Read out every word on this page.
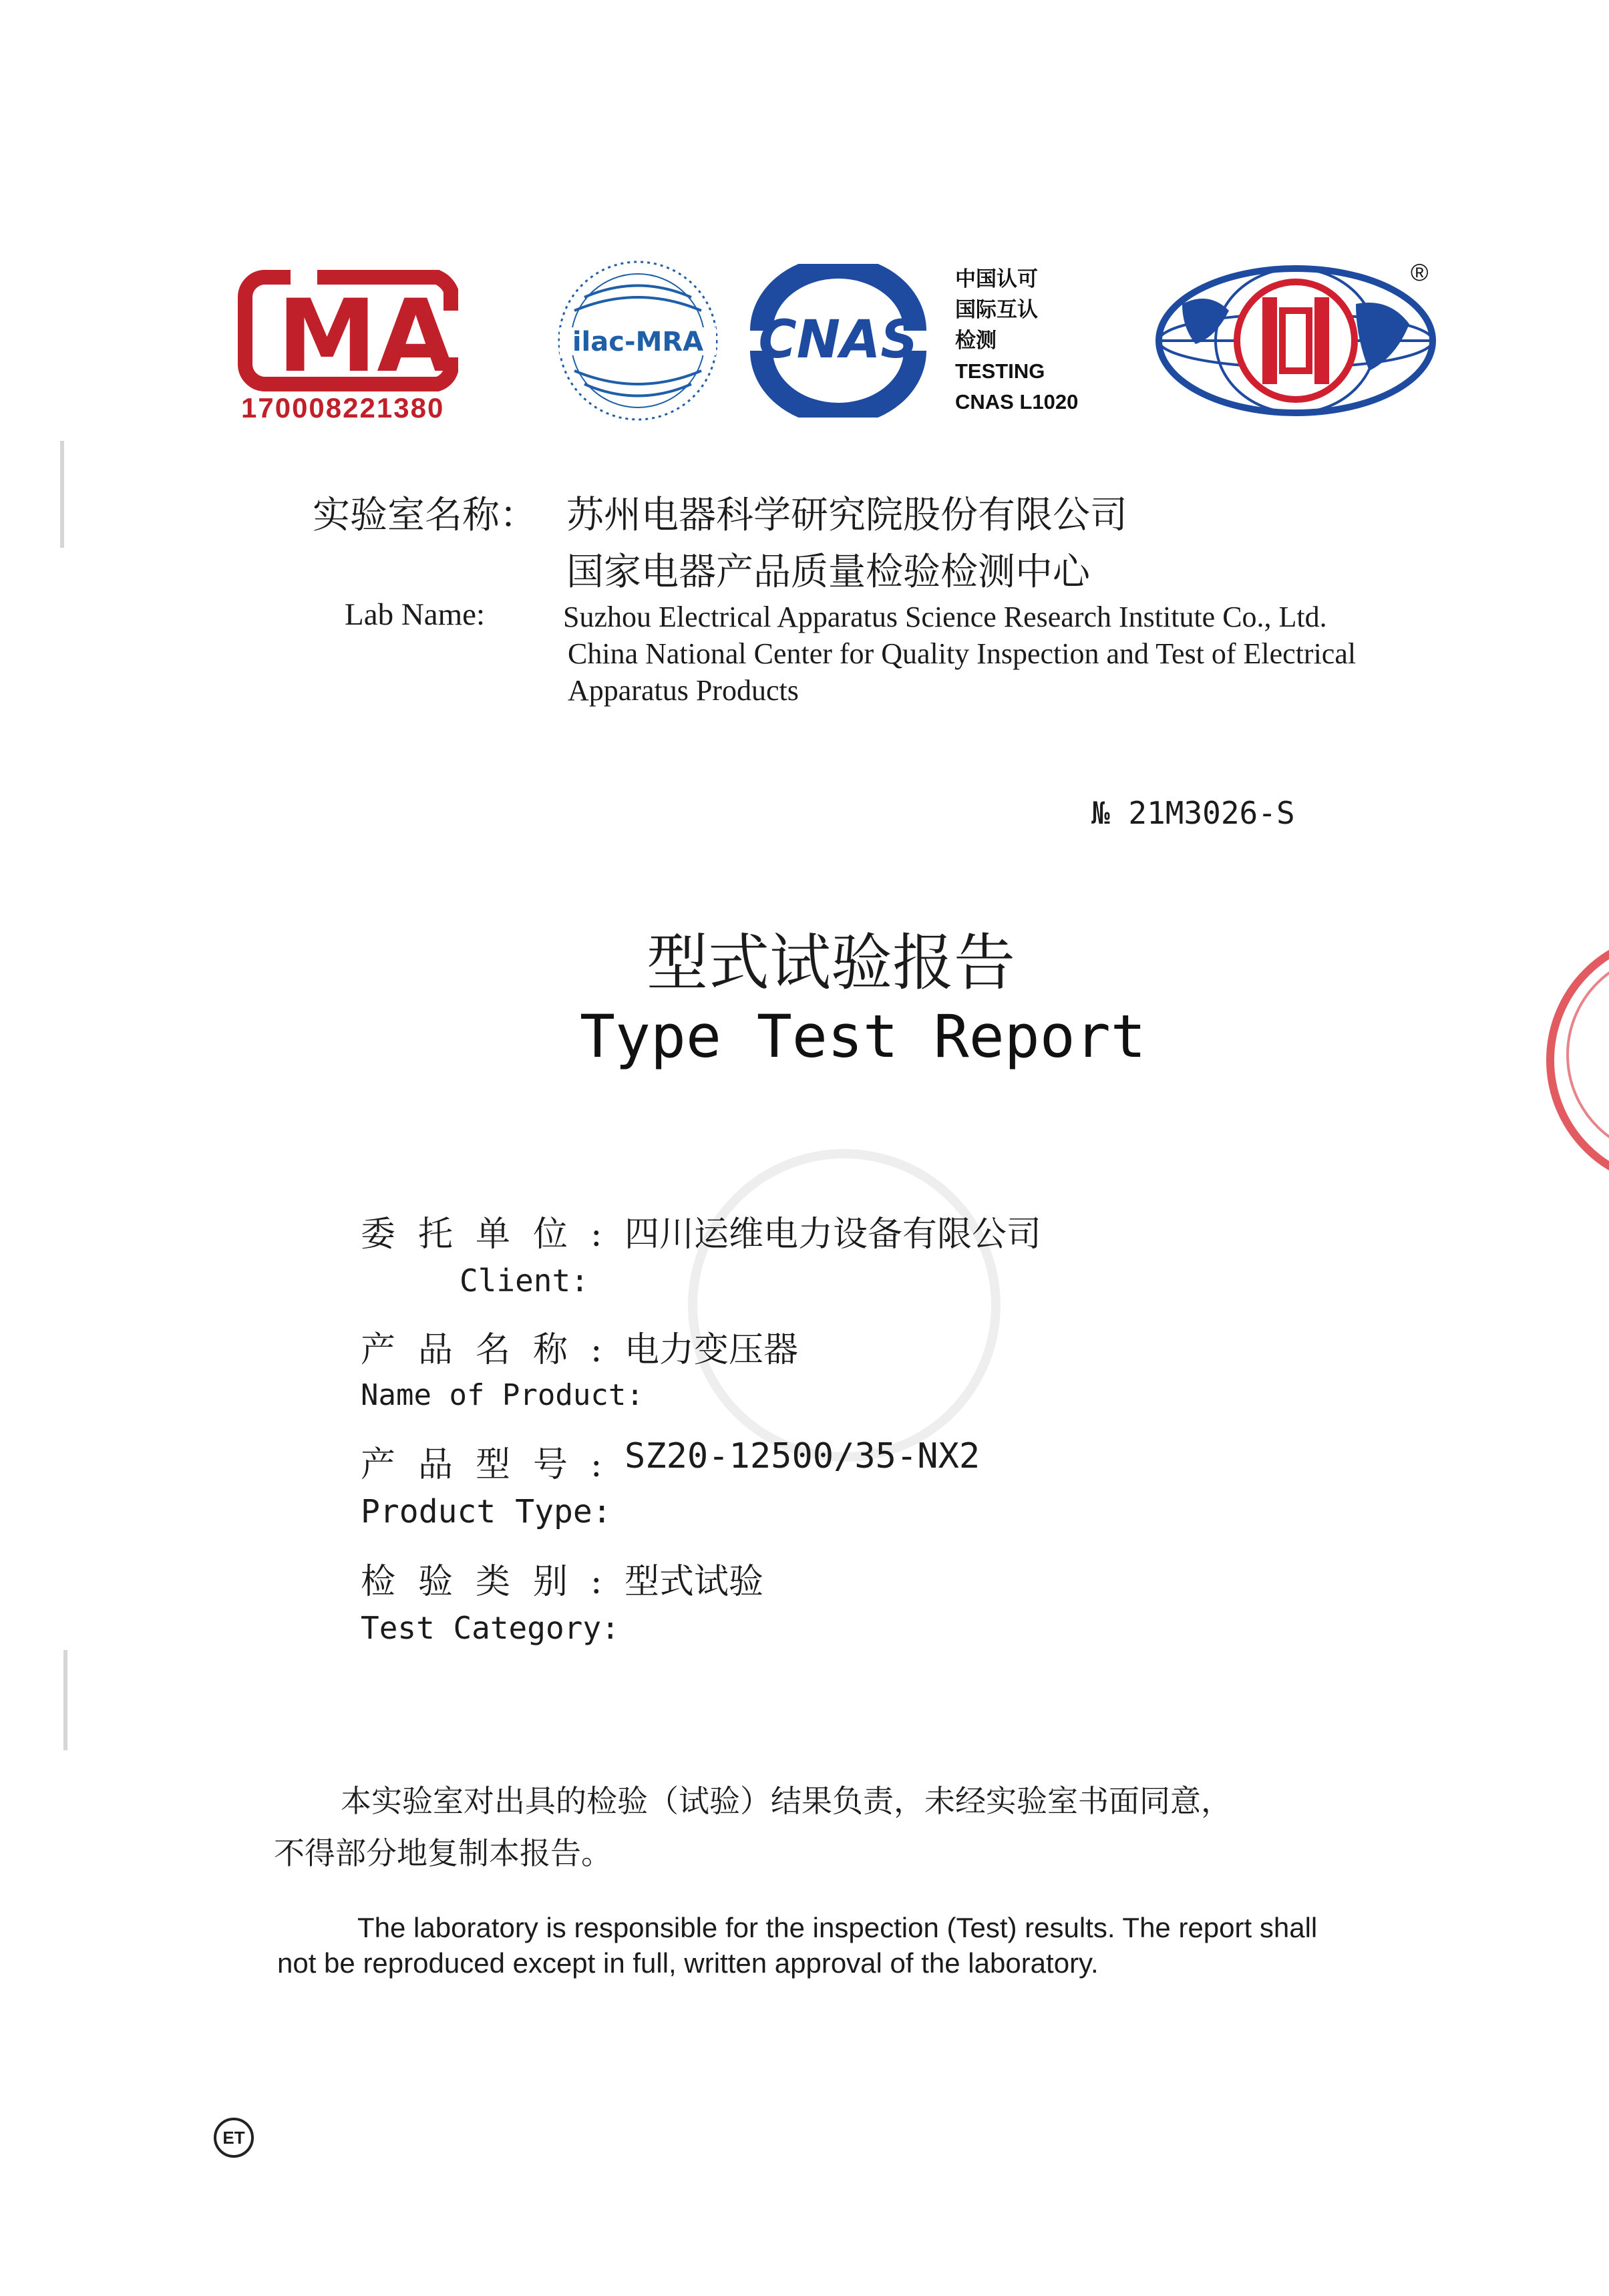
MA
170008221380
ilac-MRA CNAS
中国认可
国际互认
检测
TESTING
CNAS L1020
®
实验室名称： 苏州电器科学研究院股份有限公司
国家电器产品质量检验检测中心
Lab Name:	Suzhou Electrical Apparatus Science Research Institute Co., Ltd.
China National Center for Quality Inspection and Test of Electrical
Apparatus Products
№ 21M3026-S
型式试验报告
Type Test Report
委托单位: 四川运维电力设备有限公司
Client:
产品名称: 电力变压器
Name of Product:
产品型号: SZ20-12500/35-NX2
Product Type:
检验类别: 型式试验
Test Category:
本实验室对出具的检验（试验）结果负责，未经实验室书面同意，
不得部分地复制本报告。
The laboratory is responsible for the inspection (Test) results. The report shall
not be reproduced except in full, written approval of the laboratory.
ET
